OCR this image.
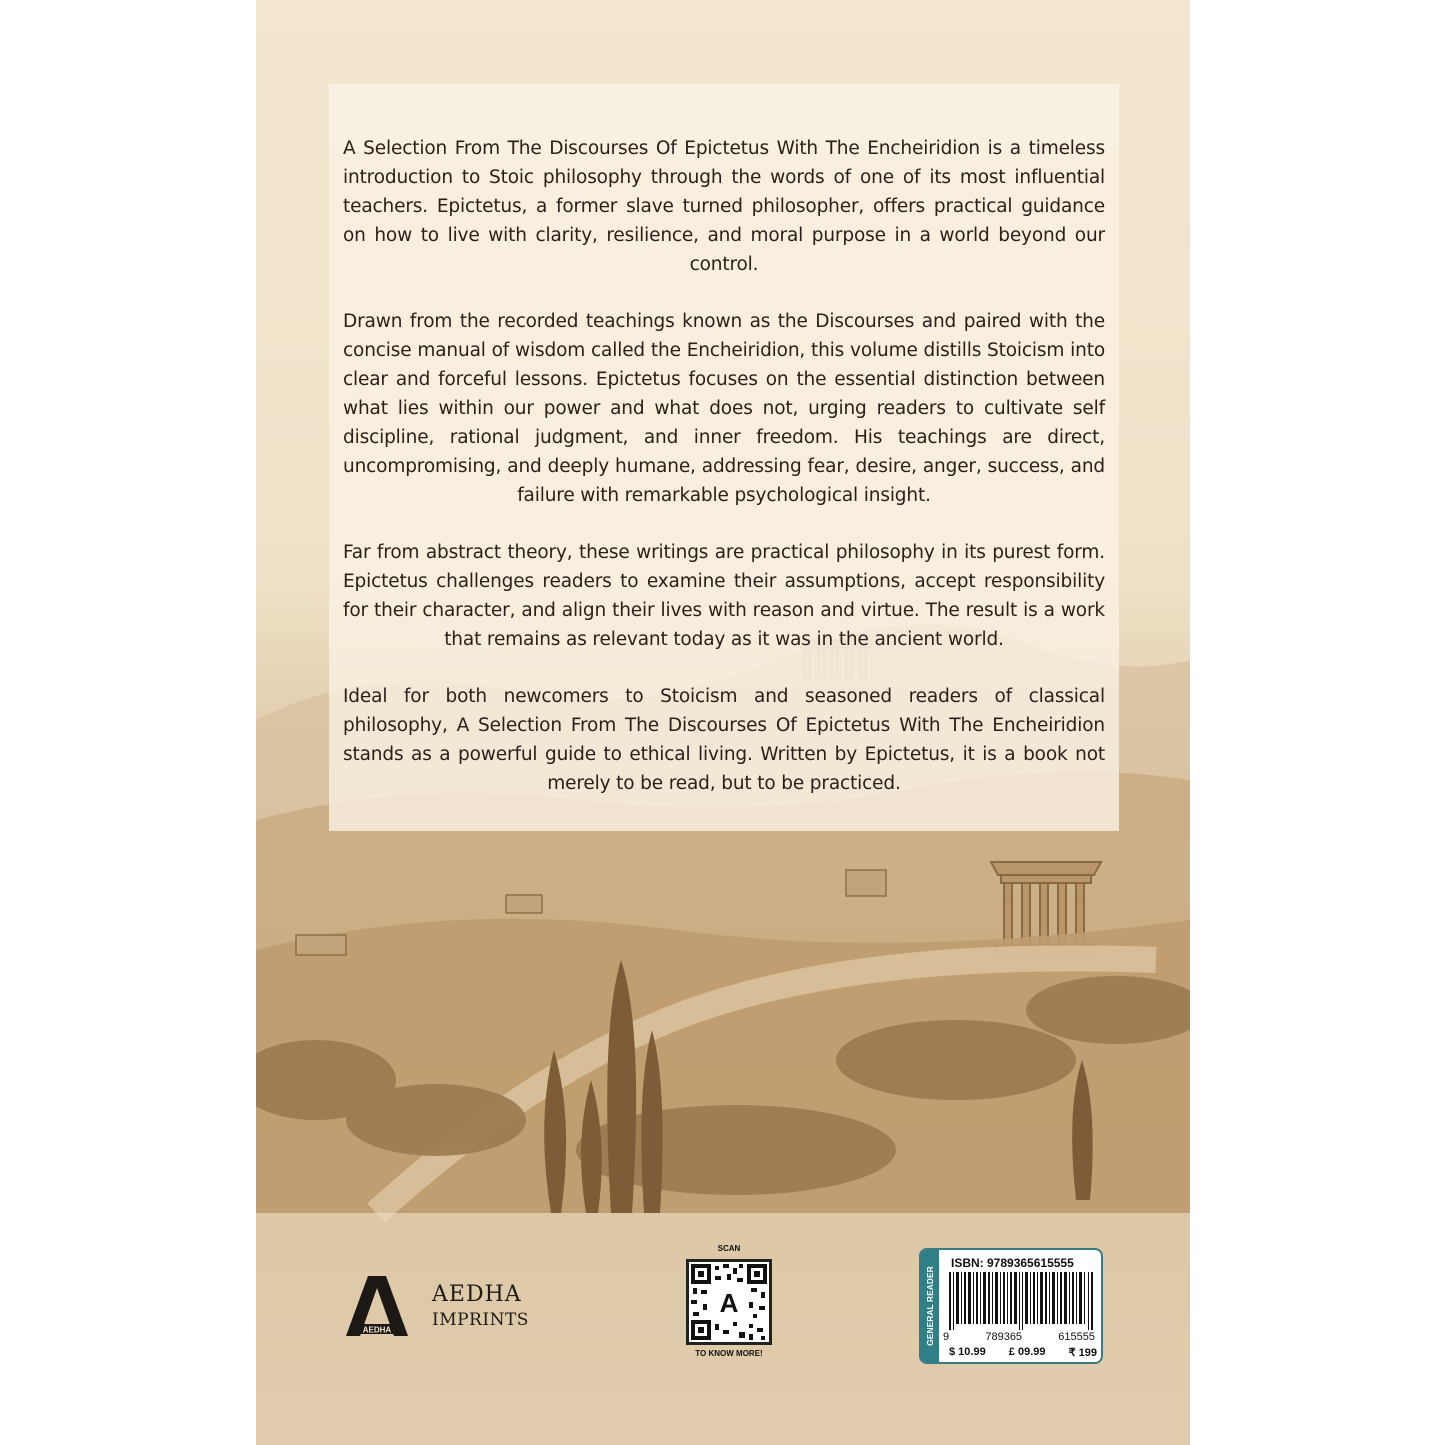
A Selection From The Discourses Of Epictetus With The Encheiridion is a timeless introduction to Stoic philosophy through the words of one of its most influential teachers. Epictetus, a former slave turned philosopher, offers practical guidance on how to live with clarity, resilience, and moral purpose in a world beyond our control.

Drawn from the recorded teachings known as the Discourses and paired with the concise manual of wisdom called the Encheiridion, this volume distills Stoicism into clear and forceful lessons. Epictetus focuses on the essential distinction between what lies within our power and what does not, urging readers to cultivate self discipline, rational judgment, and inner freedom. His teachings are direct, uncompromising, and deeply humane, addressing fear, desire, anger, success, and failure with remarkable psychological insight.

Far from abstract theory, these writings are practical philosophy in its purest form. Epictetus challenges readers to examine their assumptions, accept responsibility for their character, and align their lives with reason and virtue. The result is a work that remains as relevant today as it was in the ancient world.

Ideal for both newcomers to Stoicism and seasoned readers of classical philosophy, A Selection From The Discourses Of Epictetus With The Encheiridion stands as a powerful guide to ethical living. Written by Epictetus, it is a book not merely to be read, but to be practiced.

AEDHA
AEDHA
IMPRINTS
SCAN
A
TO KNOW MORE!
GENERAL READER
ISBN: 9789365615555
9	789365	615555
$ 10.99 £ 09.99 ₹ 199
